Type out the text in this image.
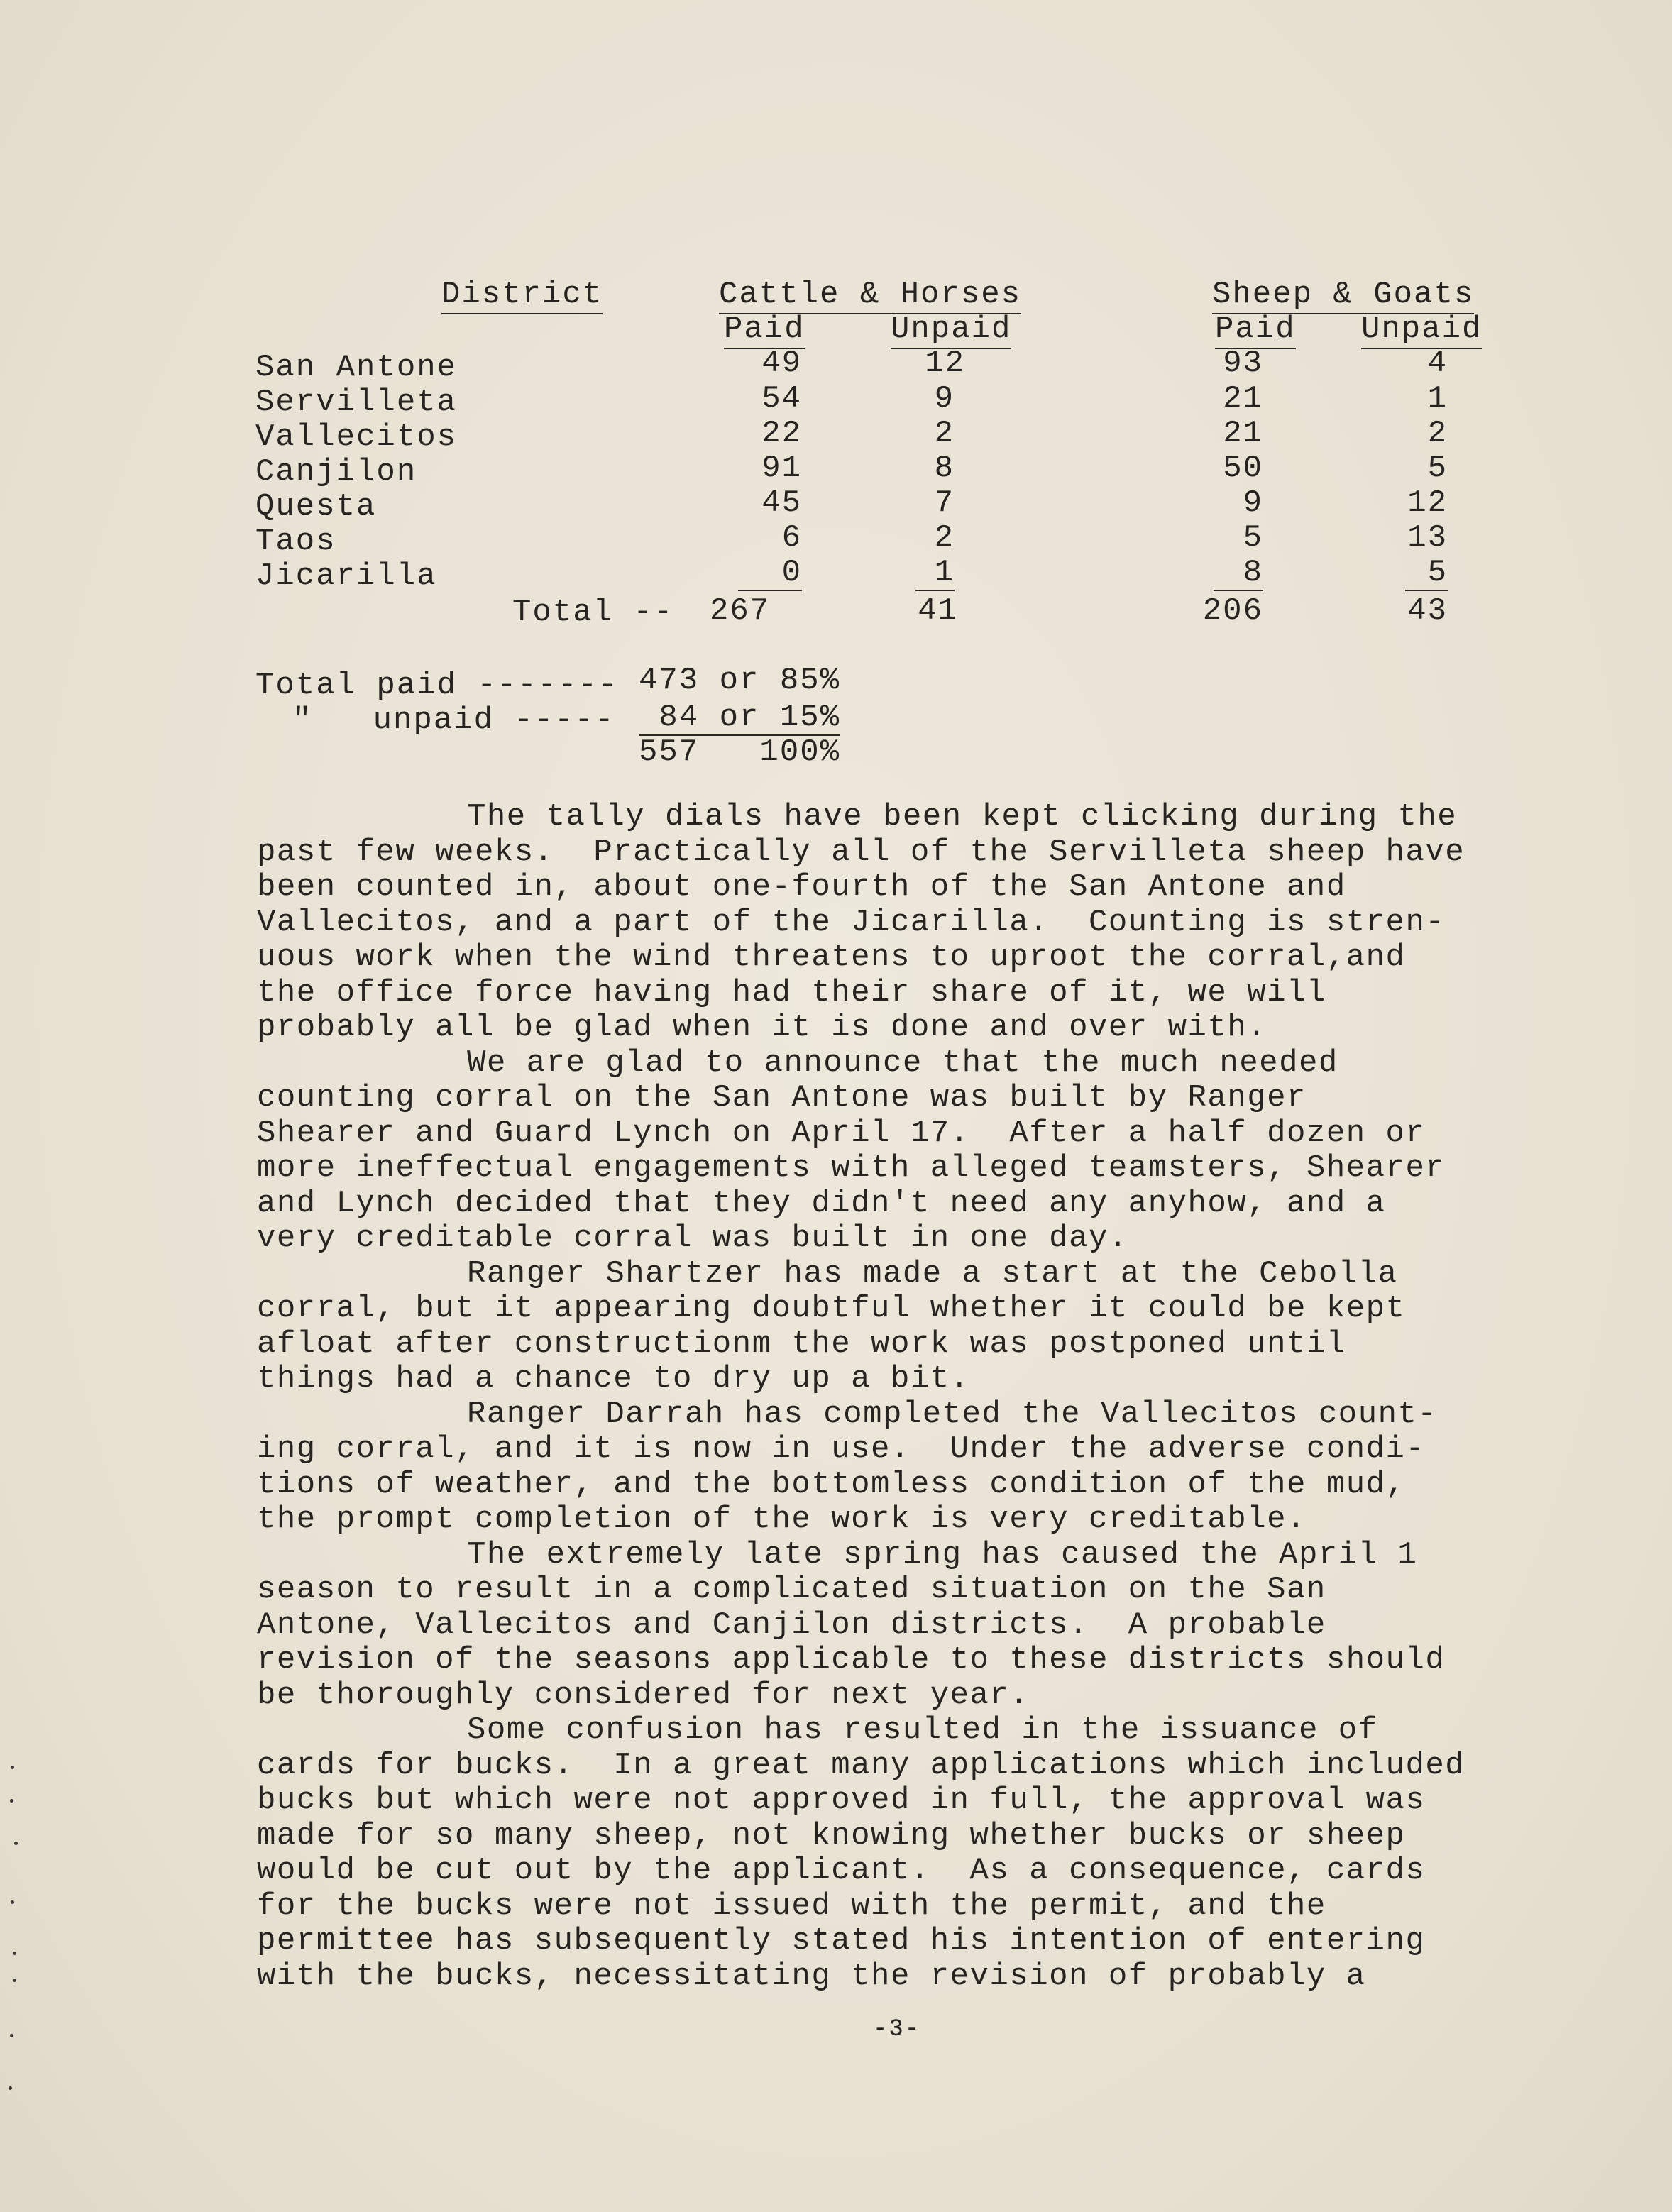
District	Cattle & Horses	Sheep & Goats
Paid	Unpaid	Paid Unpaid
San Antone	49	12	93	4
Servilleta	54	9	21	1
Vallecitos	22	2	21	2
Canjilon	91	8	50	5
Questa	45	7	9	12
Taos	6	2	5	13
Jicarilla	0	1	8	5
Total -- 267	41	206	43
Total paid ------- 473 or 85%
"   unpaid ----- 84 or 15%
557   100%
The tally dials have been kept clicking during the
past few weeks.  Practically all of the Servilleta sheep have
been counted in, about one-fourth of the San Antone and
Vallecitos, and a part of the Jicarilla.  Counting is stren-
uous work when the wind threatens to uproot the corral,and
the office force having had their share of it, we will
probably all be glad when it is done and over with.
We are glad to announce that the much needed
counting corral on the San Antone was built by Ranger
Shearer and Guard Lynch on April 17.  After a half dozen or
more ineffectual engagements with alleged teamsters, Shearer
and Lynch decided that they didn't need any anyhow, and a
very creditable corral was built in one day.
Ranger Shartzer has made a start at the Cebolla
corral, but it appearing doubtful whether it could be kept
afloat after constructionm the work was postponed until
things had a chance to dry up a bit.
Ranger Darrah has completed the Vallecitos count-
ing corral, and it is now in use.  Under the adverse condi-
tions of weather, and the bottomless condition of the mud,
the prompt completion of the work is very creditable.
The extremely late spring has caused the April 1
season to result in a complicated situation on the San
Antone, Vallecitos and Canjilon districts.  A probable
revision of the seasons applicable to these districts should
be thoroughly considered for next year.
Some confusion has resulted in the issuance of
cards for bucks.  In a great many applications which included
bucks but which were not approved in full, the approval was
made for so many sheep, not knowing whether bucks or sheep
would be cut out by the applicant.  As a consequence, cards
for the bucks were not issued with the permit, and the
permittee has subsequently stated his intention of entering
with the bucks, necessitating the revision of probably a
-3-
